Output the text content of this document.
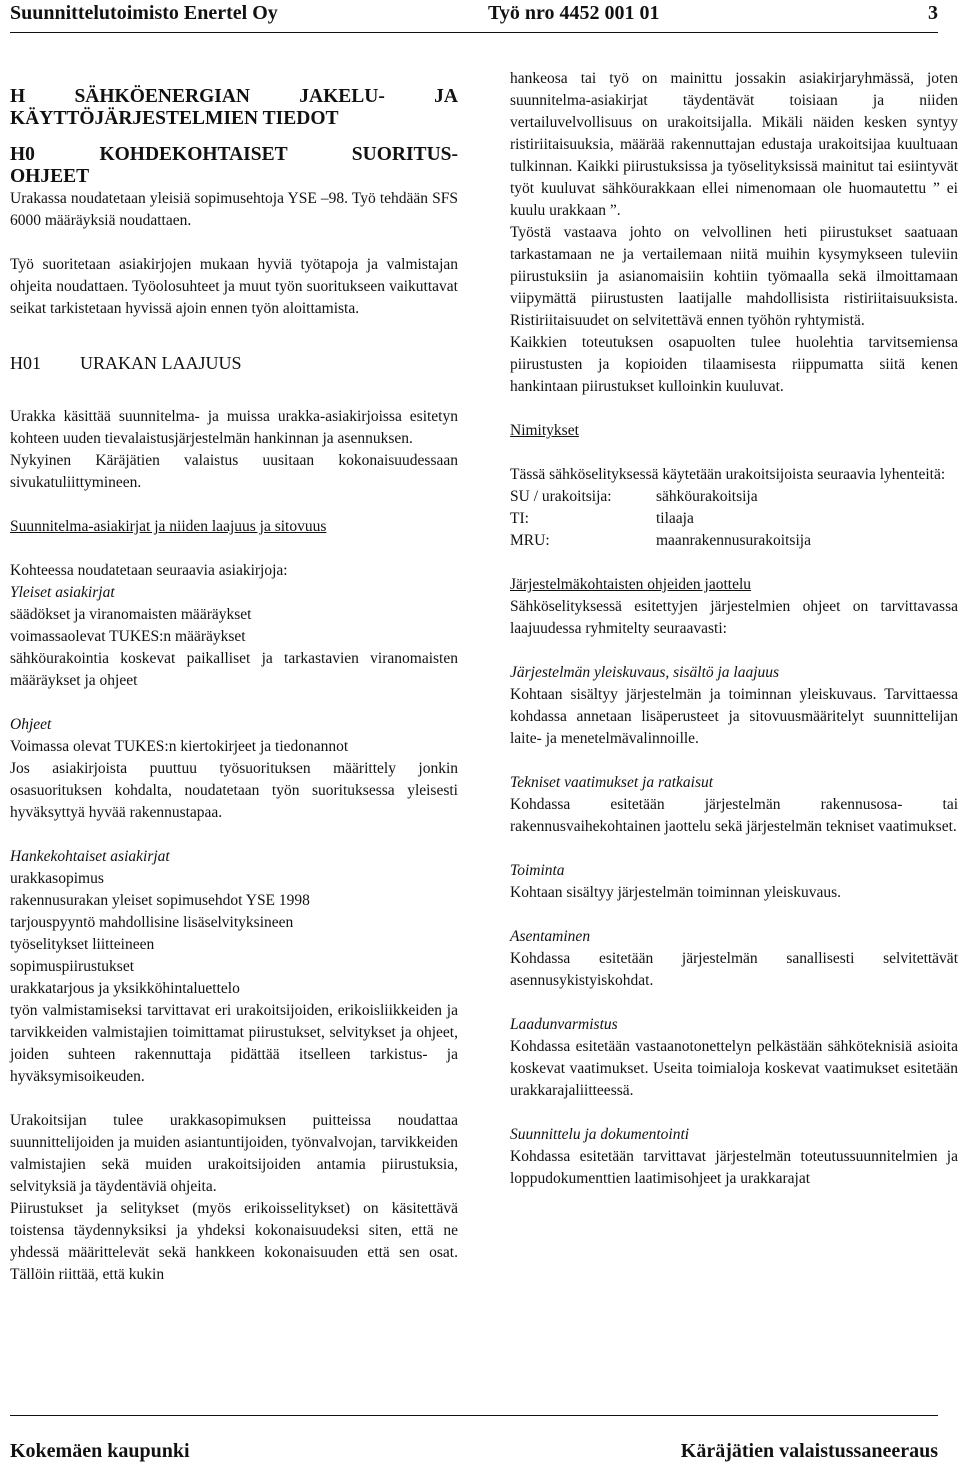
Suunnittelutoimisto Enertel Oy	Työ nro 4452 001 01	3

H SÄHKÖENERGIAN JAKELU- JA

KÄYTTÖJÄRJESTELMIEN TIEDOT

H0 KOHDEKOHTAISET SUORITUS-

OHJEET

Urakassa noudatetaan yleisiä sopimusehtoja YSE –98. Työ tehdään SFS 6000 määräyksiä noudattaen.

Työ suoritetaan asiakirjojen mukaan hyviä työtapoja ja valmistajan ohjeita noudattaen. Työolosuhteet ja muut työn suoritukseen vaikuttavat seikat tarkistetaan hyvissä ajoin ennen työn aloittamista.

H01	URAKAN LAAJUUS

Urakka käsittää suunnitelma- ja muissa urakka-asiakirjoissa esitetyn kohteen uuden tievalaistusjärjestelmän hankinnan ja asennuksen.

Nykyinen Käräjätien valaistus uusitaan kokonaisuudessaan sivukatuliittymineen.

Suunnitelma-asiakirjat ja niiden laajuus ja sitovuus

Kohteessa noudatetaan seuraavia asiakirjoja:

Yleiset asiakirjat

säädökset ja viranomaisten määräykset

voimassaolevat TUKES:n määräykset

sähköurakointia koskevat paikalliset ja tarkastavien viranomaisten määräykset ja ohjeet

Ohjeet

Voimassa olevat TUKES:n kiertokirjeet ja tiedonannot

Jos asiakirjoista puuttuu työsuorituksen määrittely jonkin osasuorituksen kohdalta, noudatetaan työn suorituksessa yleisesti hyväksyttyä hyvää rakennustapaa.

Hankekohtaiset asiakirjat

urakkasopimus

rakennusurakan yleiset sopimusehdot YSE 1998

tarjouspyyntö mahdollisine lisäselvityksineen

työselitykset liitteineen

sopimuspiirustukset

urakkatarjous ja yksikköhintaluettelo

työn valmistamiseksi tarvittavat eri urakoitsijoiden, erikoisliikkeiden ja tarvikkeiden valmistajien toimittamat piirustukset, selvitykset ja ohjeet, joiden suhteen rakennuttaja pidättää itselleen tarkistus- ja hyväksymisoikeuden.

Urakoitsijan tulee urakkasopimuksen puitteissa noudattaa suunnittelijoiden ja muiden asiantuntijoiden, työnvalvojan, tarvikkeiden valmistajien sekä muiden urakoitsijoiden antamia piirustuksia, selvityksiä ja täydentäviä ohjeita.

Piirustukset ja selitykset (myös erikoisselitykset) on käsitettävä toistensa täydennyksiksi ja yhdeksi kokonaisuudeksi siten, että ne yhdessä määrittelevät sekä hankkeen kokonaisuuden että sen osat. Tällöin riittää, että kukin

hankeosa tai työ on mainittu jossakin asiakirjaryhmässä, joten suunnitelma-asiakirjat täydentävät toisiaan ja niiden vertailuvelvollisuus on urakoitsijalla. Mikäli näiden kesken syntyy ristiriitaisuuksia, määrää rakennuttajan edustaja urakoitsijaa kuultuaan tulkinnan. Kaikki piirustuksissa ja työselityksissä mainitut tai esiintyvät työt kuuluvat sähköurakkaan ellei nimenomaan ole huomautettu ” ei kuulu urakkaan ”.

Työstä vastaava johto on velvollinen heti piirustukset saatuaan tarkastamaan ne ja vertailemaan niitä muihin kysymykseen tuleviin piirustuksiin ja asianomaisiin kohtiin työmaalla sekä ilmoittamaan viipymättä piirustusten laatijalle mahdollisista ristiriitaisuuksista. Ristiriitaisuudet on selvitettävä ennen työhön ryhtymistä.

Kaikkien toteutuksen osapuolten tulee huolehtia tarvitsemiensa piirustusten ja kopioiden tilaamisesta riippumatta siitä kenen hankintaan piirustukset kulloinkin kuuluvat.

Nimitykset

Tässä sähköselityksessä käytetään urakoitsijoista seuraavia lyhenteitä:

SU / urakoitsija:	sähköurakoitsija
TI:	tilaaja
MRU:	maanrakennusurakoitsija

Järjestelmäkohtaisten ohjeiden jaottelu

Sähköselityksessä esitettyjen järjestelmien ohjeet on tarvittavassa laajuudessa ryhmitelty seuraavasti:

Järjestelmän yleiskuvaus, sisältö ja laajuus

Kohtaan sisältyy järjestelmän ja toiminnan yleiskuvaus. Tarvittaessa kohdassa annetaan lisäperusteet ja sitovuusmääritelyt suunnittelijan laite- ja menetelmävalinnoille.

Tekniset vaatimukset ja ratkaisut

Kohdassa esitetään järjestelmän rakennusosa- tai rakennusvaihekohtainen jaottelu sekä järjestelmän tekniset vaatimukset.

Toiminta

Kohtaan sisältyy järjestelmän toiminnan yleiskuvaus.

Asentaminen

Kohdassa esitetään järjestelmän sanallisesti selvitettävät asennusykistyiskohdat.

Laadunvarmistus

Kohdassa esitetään vastaanotonettelyn pelkästään sähköteknisiä asioita koskevat vaatimukset. Useita toimialoja koskevat vaatimukset esitetään urakkarajaliitteessä.

Suunnittelu ja dokumentointi

Kohdassa esitetään tarvittavat järjestelmän toteutussuunnitelmien ja loppudokumenttien laatimisohjeet ja urakkarajat

Kokemäen kaupunki	Käräjätien valaistussaneeraus
